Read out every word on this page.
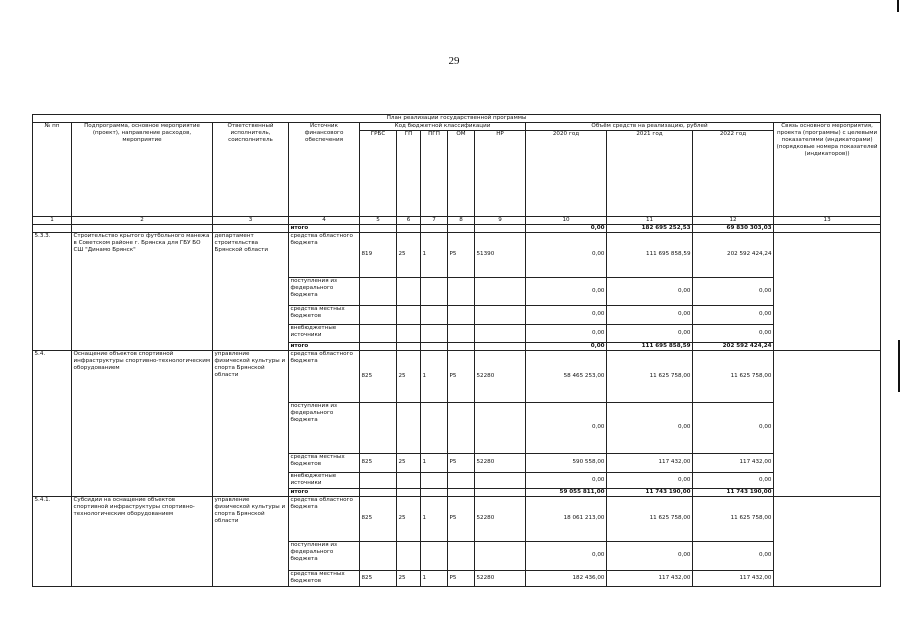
29
План реализации государственной программы												
№ пп	Подпрограмма, основное мероприятие (проект), направление расходов, мероприятие	Ответственный исполнитель, соисполнитель	Источник финансового обеспечения	Код бюджетной классификации					Объём средств на реализацию, рублей			Связь основного мероприятия, проекта (программы) с целевыми показателями (индикаторами) (порядковые номера показателей (индикаторов))
				ГРБС	ГП	ПГП	ОМ	НР	2020 год	2021 год	2022 год	
1	2	3	4	5	6	7	8	9	10	11	12	13
			итого						0,00	182 695 252,53	69 830 303,03	
5.3.3.	Строительство крытого футбольного манежа в Советском районе г. Брянска для ГБУ БО СШ "Динамо Брянск"	департамент строительства Брянской области	средства областного бюджета	819	25	1	Р5	51390	0,00	111 695 858,59	202 592 424,24	
			поступления из федерального бюджета						0,00	0,00	0,00	
			средства местных бюджетов						0,00	0,00	0,00	
			внебюджетные источники						0,00	0,00	0,00	
			итого						0,00	111 695 858,59	202 592 424,24	
5.4.	Оснащение объектов спортивной инфраструктуры спортивно-технологическим оборудованием	управление физической культуры и спорта Брянской области	средства областного бюджета	825	25	1	Р5	52280	58 465 253,00	11 625 758,00	11 625 758,00	
			поступления из федерального бюджета						0,00	0,00	0,00	
			средства местных бюджетов	825	25	1	Р5	52280	590 558,00	117 432,00	117 432,00	
			внебюджетные источники						0,00	0,00	0,00	
			итого						59 055 811,00	11 743 190,00	11 743 190,00	
5.4.1.	Субсидии на оснащение объектов спортивной инфраструктуры спортивно-технологическим оборудованием	управление физической культуры и спорта Брянской области	средства областного бюджета	825	25	1	Р5	52280	18 061 213,00	11 625 758,00	11 625 758,00	
			поступления из федерального бюджета						0,00	0,00	0,00	
			средства местных бюджетов	825	25	1	Р5	52280	182 436,00	117 432,00	117 432,00	
